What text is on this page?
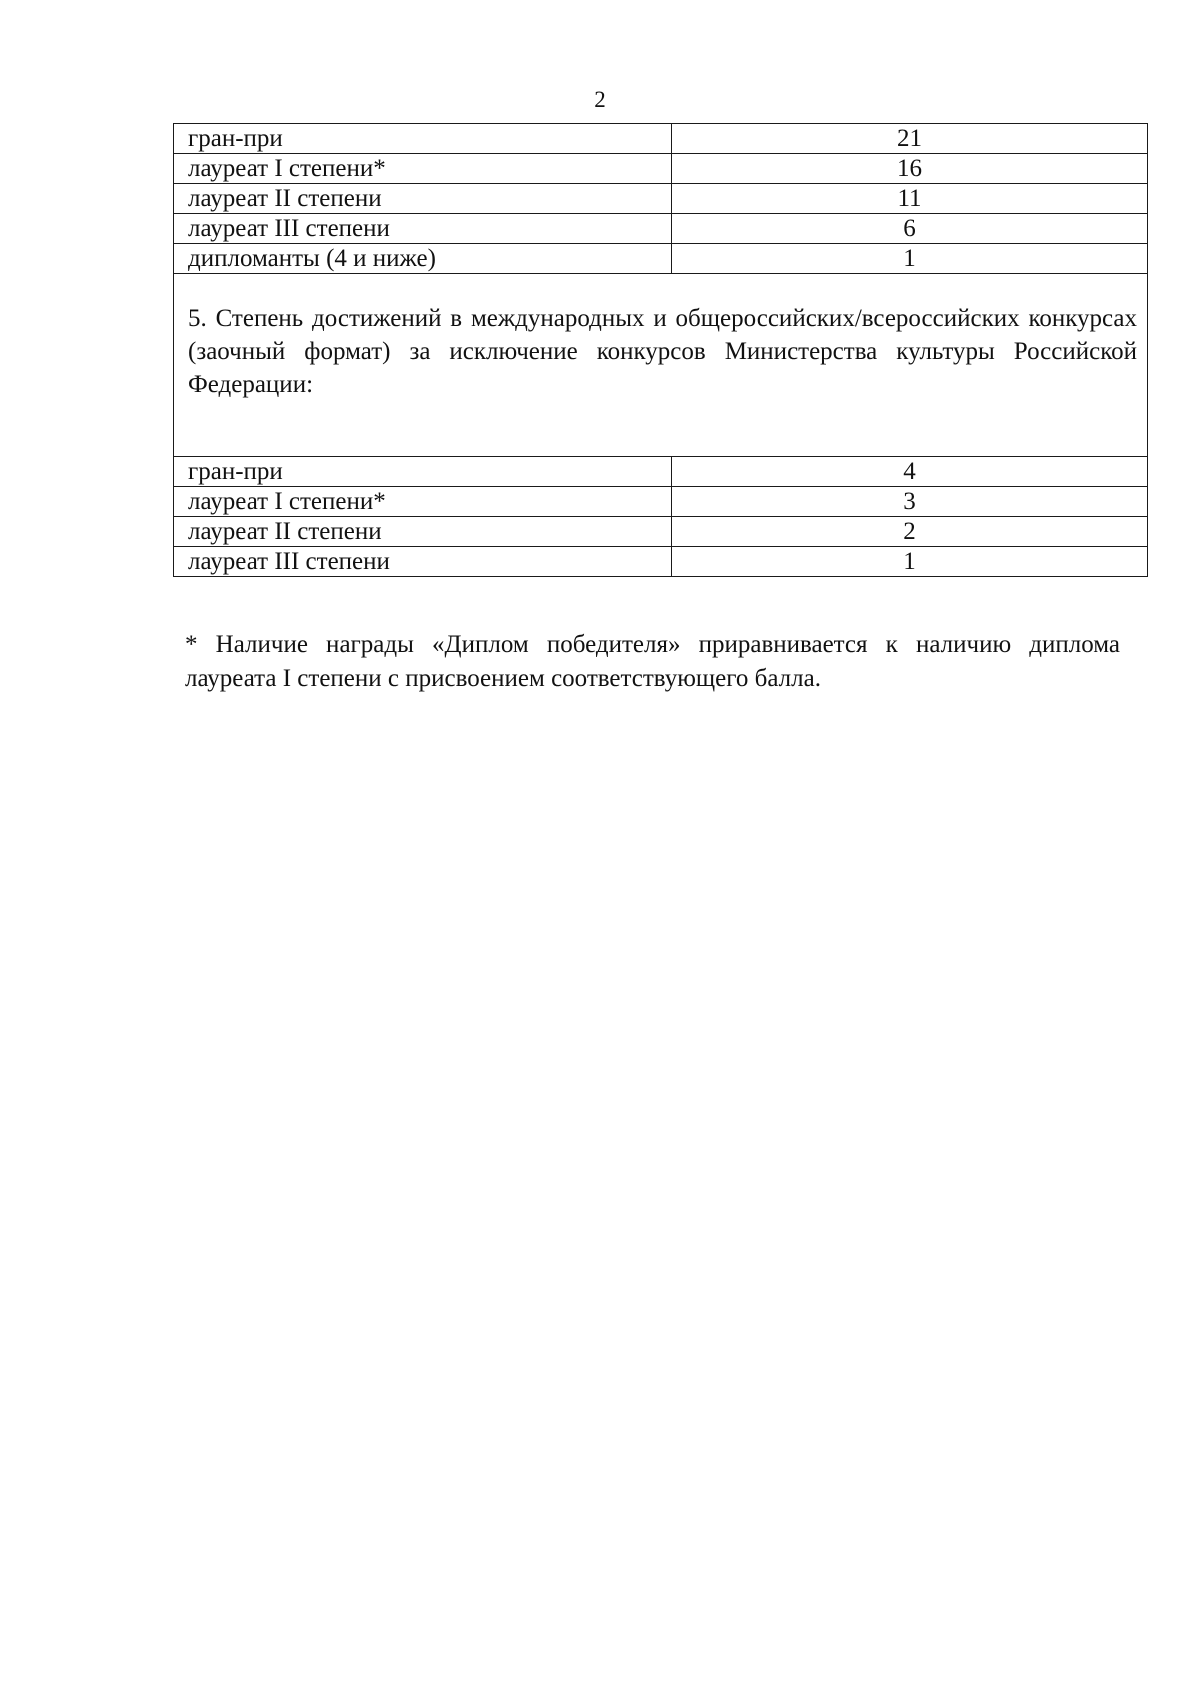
2
гран-при	21
лауреат I степени*	16
лауреат II степени	11
лауреат III степени	6
дипломанты (4 и ниже)	1
5. Степень достижений в международных и общероссийских/всероссийских конкурсах (заочный формат) за исключение конкурсов Министерства культуры Российской Федерации:	
гран-при	4
лауреат I степени*	3
лауреат II степени	2
лауреат III степени	1
* Наличие награды «Диплом победителя» приравнивается к наличию диплома лауреата I степени с присвоением соответствующего балла.
